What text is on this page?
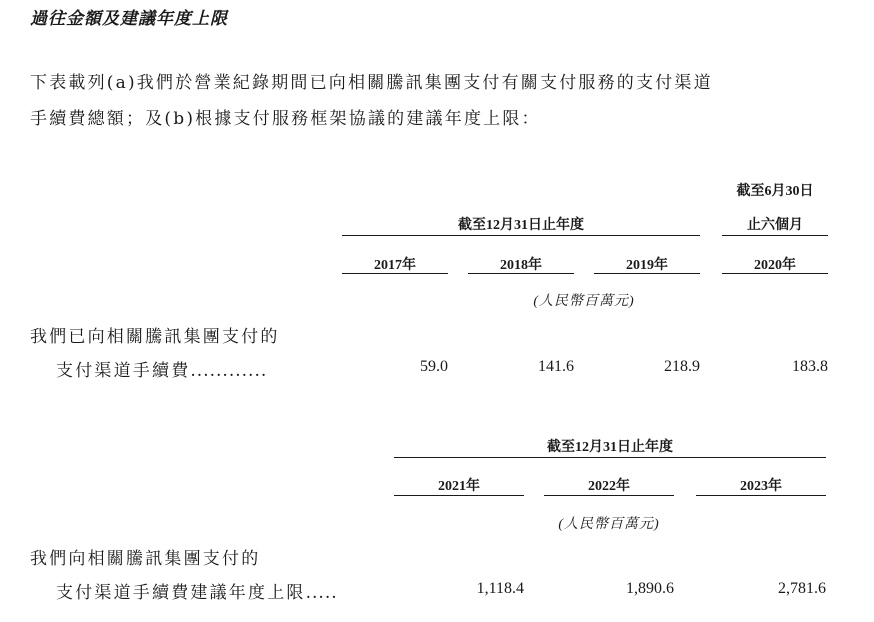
過往金額及建議年度上限
下表載列(a)我們於營業紀錄期間已向相關騰訊集團支付有關支付服務的支付渠道
手續費總額；及(b)根據支付服務框架協議的建議年度上限：
截至6月30日
截至12月31日止年度	止六個月
2017年	2018年	2019年	2020年
(人民幣百萬元)
我們已向相關騰訊集團支付的
支付渠道手續費............	59.0	141.6	218.9	183.8
截至12月31日止年度
2021年	2022年	2023年
(人民幣百萬元)
我們向相關騰訊集團支付的
支付渠道手續費建議年度上限.....	1,118.4	1,890.6	2,781.6
